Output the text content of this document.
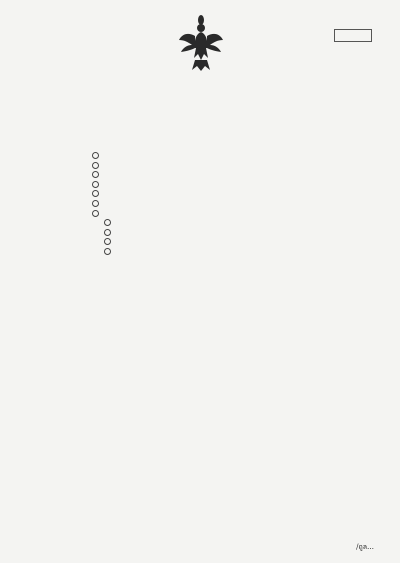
/ถูล…
